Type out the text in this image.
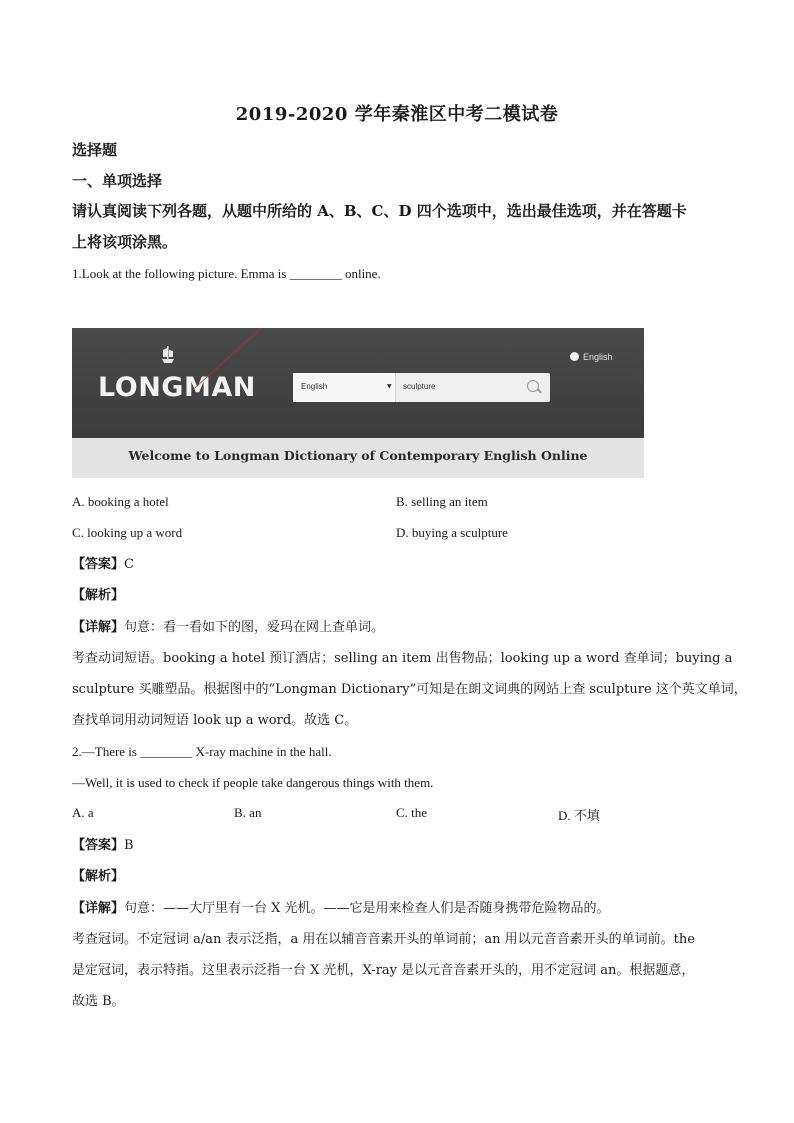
2019-2020 学年秦淮区中考二模试卷
选择题
一、单项选择
请认真阅读下列各题，从题中所给的 A、B、C、D 四个选项中，选出最佳选项，并在答题卡
上将该项涂黑。
1.Look at the following picture. Emma is ________ online.
LONGMAN
English
English	▼ sculpture
Welcome to Longman Dictionary of Contemporary English Online
A. booking a hotel	B. selling an item
C. looking up a word	D. buying a sculpture
【答案】C
【解析】
【详解】句意：看一看如下的图，爱玛在网上查单词。
考查动词短语。booking a hotel 预订酒店；selling an item 出售物品；looking up a word 查单词；buying a
sculpture 买雕塑品。根据图中的“Longman Dictionary”可知是在朗文词典的网站上查 sculpture 这个英文单词，
查找单词用动词短语 look up a word。故选 C。
2.—There is ________ X-ray machine in the hall.
—Well, it is used to check if people take dangerous things with them.
A. a	B. an	C. the	D. 不填
【答案】B
【解析】
【详解】句意：——大厅里有一台 X 光机。——它是用来检查人们是否随身携带危险物品的。
考查冠词。不定冠词 a/an 表示泛指，a 用在以辅音音素开头的单词前；an 用以元音音素开头的单词前。the
是定冠词，表示特指。这里表示泛指一台 X 光机，X-ray 是以元音音素开头的，用不定冠词 an。根据题意，
故选 B。
